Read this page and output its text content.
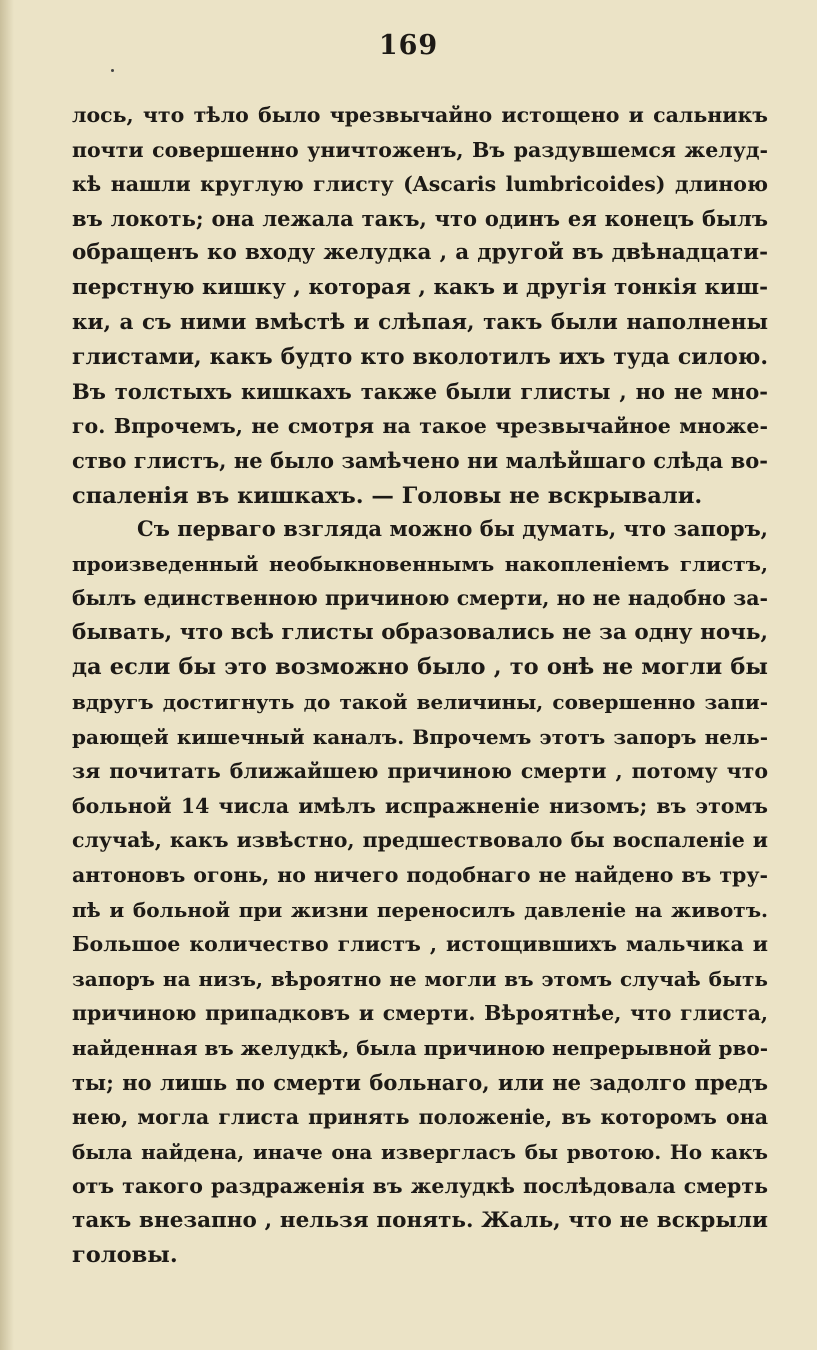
169
лось, что тѣло было чрезвычайно истощено и сальникъ
почти совершенно уничтоженъ, Въ раздувшемся желуд-
кѣ нашли круглую глисту (Ascaris lumbricoides) длиною
въ локоть; она лежала такъ, что одинъ ея конецъ былъ
обращенъ ко входу желудка , а другой въ двѣнадцати-
перстную кишку , которая , какъ и другія тонкія киш-
ки, а съ ними вмѣстѣ и слѣпая, такъ были наполнены
глистами, какъ будто кто вколотилъ ихъ туда силою.
Въ толстыхъ кишкахъ также были глисты , но не мно-
го. Впрочемъ, не смотря на такое чрезвычайное множе-
ство глистъ, не было замѣчено ни малѣйшаго слѣда во-
спаленія въ кишкахъ. — Головы не вскрывали.
Съ перваго взгляда можно бы думать, что запоръ,
произведенный необыкновеннымъ накопленіемъ глистъ,
былъ единственною причиною смерти, но не надобно за-
бывать, что всѣ глисты образовались не за одну ночь,
да если бы это возможно было , то онѣ не могли бы
вдругъ достигнуть до такой величины, совершенно запи-
рающей кишечный каналъ. Впрочемъ этотъ запоръ нель-
зя почитать ближайшею причиною смерти , потому что
больной 14 числа имѣлъ испражненіе низомъ; въ этомъ
случаѣ, какъ извѣстно, предшествовало бы воспаленіе и
антоновъ огонь, но ничего подобнаго не найдено въ тру-
пѣ и больной при жизни переносилъ давленіе на животъ.
Большое количество глистъ , истощившихъ мальчика и
запоръ на низъ, вѣроятно не могли въ этомъ случаѣ быть
причиною припадковъ и смерти. Вѣроятнѣе, что глиста,
найденная въ желудкѣ, была причиною непрерывной рво-
ты; но лишь по смерти больнаго, или не задолго предъ
нею, могла глиста принять положеніе, въ которомъ она
была найдена, иначе она извергласъ бы рвотою. Но какъ
отъ такого раздраженія въ желудкѣ послѣдовала смерть
такъ внезапно , нельзя понять. Жаль, что не вскрыли
головы.
